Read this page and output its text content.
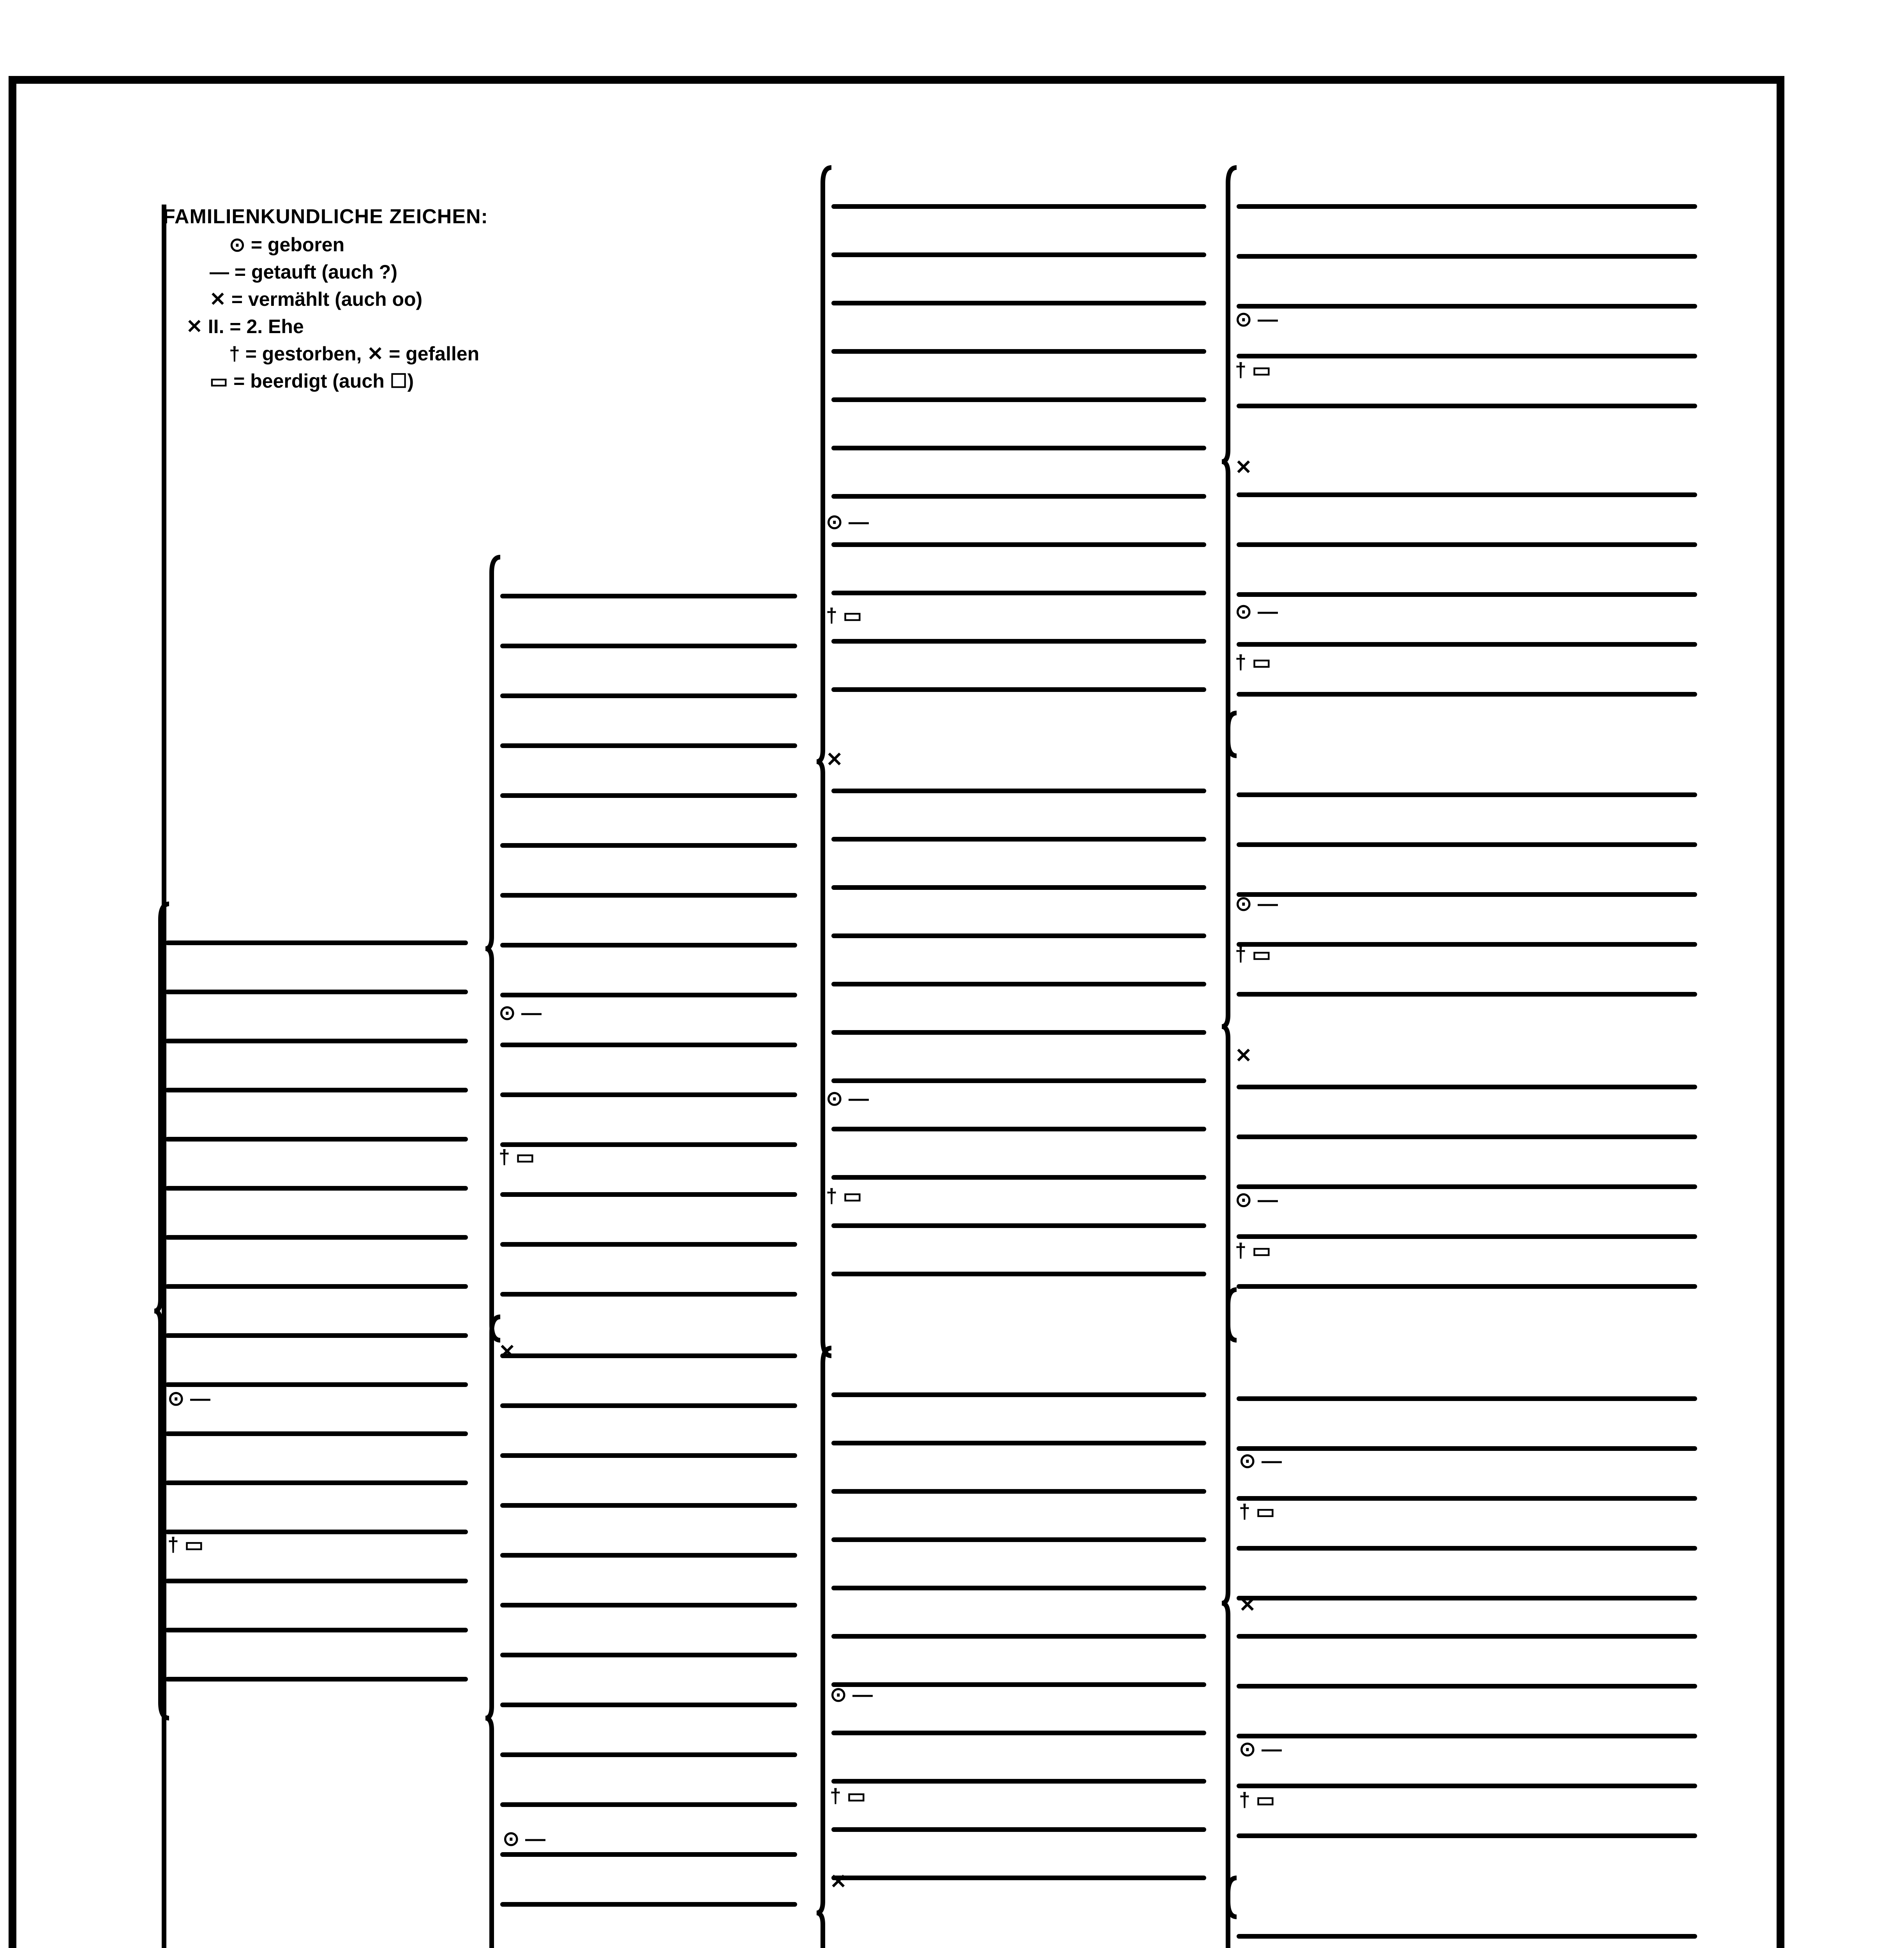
FAMILIENKUNDLICHE ZEICHEN:
⊙ = geboren
— = getauft (auch ?)
✕ = vermählt (auch oo)
✕ II. = 2. Ehe
† = gestorben, ✕ = gefallen
▭ = beerdigt (auch ☐)
⊙ —
† ▭
⊙ —
† ▭
✕
⊙ —
⊙ —
† ▭
✕
⊙ —
† ▭
⊙ —
† ▭
✕
⊙ —
† ▭
✕
⊙ —
† ▭
⊙ —
† ▭
✕
⊙ —
† ▭
⊙ —
† ▭
✕
⊙ —
† ▭
